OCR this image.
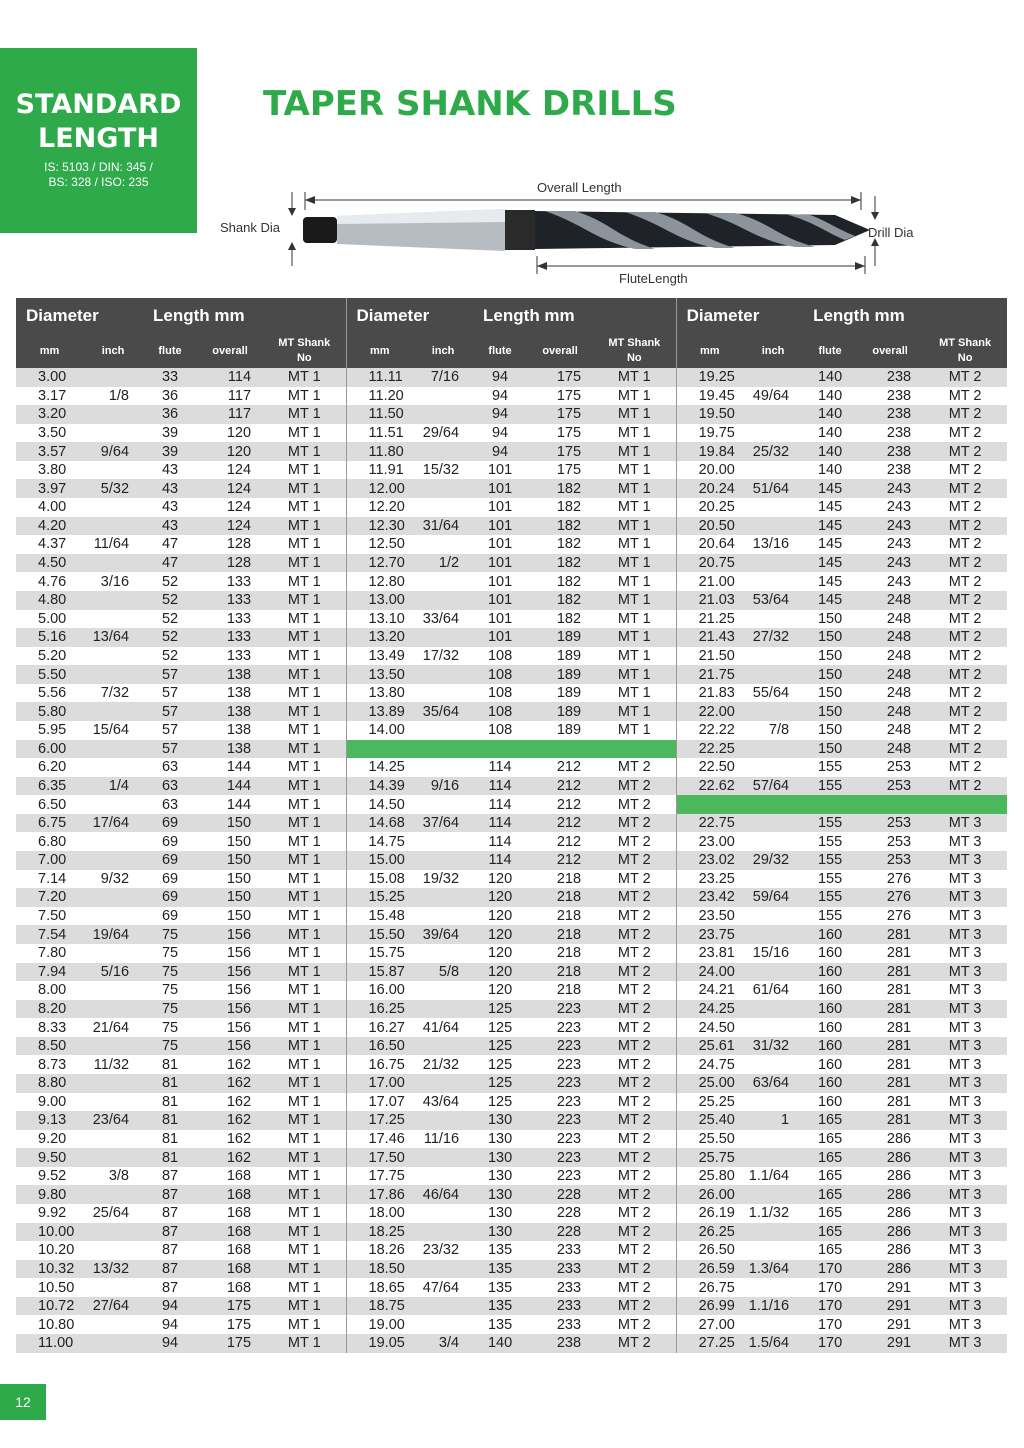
STANDARD
LENGTH
IS: 5103 / DIN: 345 /
BS: 328 / ISO: 235
TAPER SHANK DRILLS
Overall Length
Shank Dia	Drill Dia
FluteLength
Diameter		Length mm			Diameter		Length mm			Diameter		Length mm		
mm	inch	flute	overall	MT Shank
No	mm	inch	flute	overall	MT Shank
No	mm	inch	flute	overall	MT Shank
No
3.00		33	114	MT 1	11.11	7/16	94	175	MT 1	19.25		140	238	MT 2
3.17	1/8	36	117	MT 1	11.20		94	175	MT 1	19.45	49/64	140	238	MT 2
3.20		36	117	MT 1	11.50		94	175	MT 1	19.50		140	238	MT 2
3.50		39	120	MT 1	11.51	29/64	94	175	MT 1	19.75		140	238	MT 2
3.57	9/64	39	120	MT 1	11.80		94	175	MT 1	19.84	25/32	140	238	MT 2
3.80		43	124	MT 1	11.91	15/32	101	175	MT 1	20.00		140	238	MT 2
3.97	5/32	43	124	MT 1	12.00		101	182	MT 1	20.24	51/64	145	243	MT 2
4.00		43	124	MT 1	12.20		101	182	MT 1	20.25		145	243	MT 2
4.20		43	124	MT 1	12.30	31/64	101	182	MT 1	20.50		145	243	MT 2
4.37	11/64	47	128	MT 1	12.50		101	182	MT 1	20.64	13/16	145	243	MT 2
4.50		47	128	MT 1	12.70	1/2	101	182	MT 1	20.75		145	243	MT 2
4.76	3/16	52	133	MT 1	12.80		101	182	MT 1	21.00		145	243	MT 2
4.80		52	133	MT 1	13.00		101	182	MT 1	21.03	53/64	145	248	MT 2
5.00		52	133	MT 1	13.10	33/64	101	182	MT 1	21.25		150	248	MT 2
5.16	13/64	52	133	MT 1	13.20		101	189	MT 1	21.43	27/32	150	248	MT 2
5.20		52	133	MT 1	13.49	17/32	108	189	MT 1	21.50		150	248	MT 2
5.50		57	138	MT 1	13.50		108	189	MT 1	21.75		150	248	MT 2
5.56	7/32	57	138	MT 1	13.80		108	189	MT 1	21.83	55/64	150	248	MT 2
5.80		57	138	MT 1	13.89	35/64	108	189	MT 1	22.00		150	248	MT 2
5.95	15/64	57	138	MT 1	14.00		108	189	MT 1	22.22	7/8	150	248	MT 2
6.00		57	138	MT 1						22.25		150	248	MT 2
6.20		63	144	MT 1	14.25		114	212	MT 2	22.50		155	253	MT 2
6.35	1/4	63	144	MT 1	14.39	9/16	114	212	MT 2	22.62	57/64	155	253	MT 2
6.50		63	144	MT 1	14.50		114	212	MT 2					
6.75	17/64	69	150	MT 1	14.68	37/64	114	212	MT 2	22.75		155	253	MT 3
6.80		69	150	MT 1	14.75		114	212	MT 2	23.00		155	253	MT 3
7.00		69	150	MT 1	15.00		114	212	MT 2	23.02	29/32	155	253	MT 3
7.14	9/32	69	150	MT 1	15.08	19/32	120	218	MT 2	23.25		155	276	MT 3
7.20		69	150	MT 1	15.25		120	218	MT 2	23.42	59/64	155	276	MT 3
7.50		69	150	MT 1	15.48		120	218	MT 2	23.50		155	276	MT 3
7.54	19/64	75	156	MT 1	15.50	39/64	120	218	MT 2	23.75		160	281	MT 3
7.80		75	156	MT 1	15.75		120	218	MT 2	23.81	15/16	160	281	MT 3
7.94	5/16	75	156	MT 1	15.87	5/8	120	218	MT 2	24.00		160	281	MT 3
8.00		75	156	MT 1	16.00		120	218	MT 2	24.21	61/64	160	281	MT 3
8.20		75	156	MT 1	16.25		125	223	MT 2	24.25		160	281	MT 3
8.33	21/64	75	156	MT 1	16.27	41/64	125	223	MT 2	24.50		160	281	MT 3
8.50		75	156	MT 1	16.50		125	223	MT 2	25.61	31/32	160	281	MT 3
8.73	11/32	81	162	MT 1	16.75	21/32	125	223	MT 2	24.75		160	281	MT 3
8.80		81	162	MT 1	17.00		125	223	MT 2	25.00	63/64	160	281	MT 3
9.00		81	162	MT 1	17.07	43/64	125	223	MT 2	25.25		160	281	MT 3
9.13	23/64	81	162	MT 1	17.25		130	223	MT 2	25.40	1	165	281	MT 3
9.20		81	162	MT 1	17.46	11/16	130	223	MT 2	25.50		165	286	MT 3
9.50		81	162	MT 1	17.50		130	223	MT 2	25.75		165	286	MT 3
9.52	3/8	87	168	MT 1	17.75		130	223	MT 2	25.80	1.1/64	165	286	MT 3
9.80		87	168	MT 1	17.86	46/64	130	228	MT 2	26.00		165	286	MT 3
9.92	25/64	87	168	MT 1	18.00		130	228	MT 2	26.19	1.1/32	165	286	MT 3
10.00		87	168	MT 1	18.25		130	228	MT 2	26.25		165	286	MT 3
10.20		87	168	MT 1	18.26	23/32	135	233	MT 2	26.50		165	286	MT 3
10.32	13/32	87	168	MT 1	18.50		135	233	MT 2	26.59	1.3/64	170	286	MT 3
10.50		87	168	MT 1	18.65	47/64	135	233	MT 2	26.75		170	291	MT 3
10.72	27/64	94	175	MT 1	18.75		135	233	MT 2	26.99	1.1/16	170	291	MT 3
10.80		94	175	MT 1	19.00		135	233	MT 2	27.00		170	291	MT 3
11.00		94	175	MT 1	19.05	3/4	140	238	MT 2	27.25	1.5/64	170	291	MT 3
12
